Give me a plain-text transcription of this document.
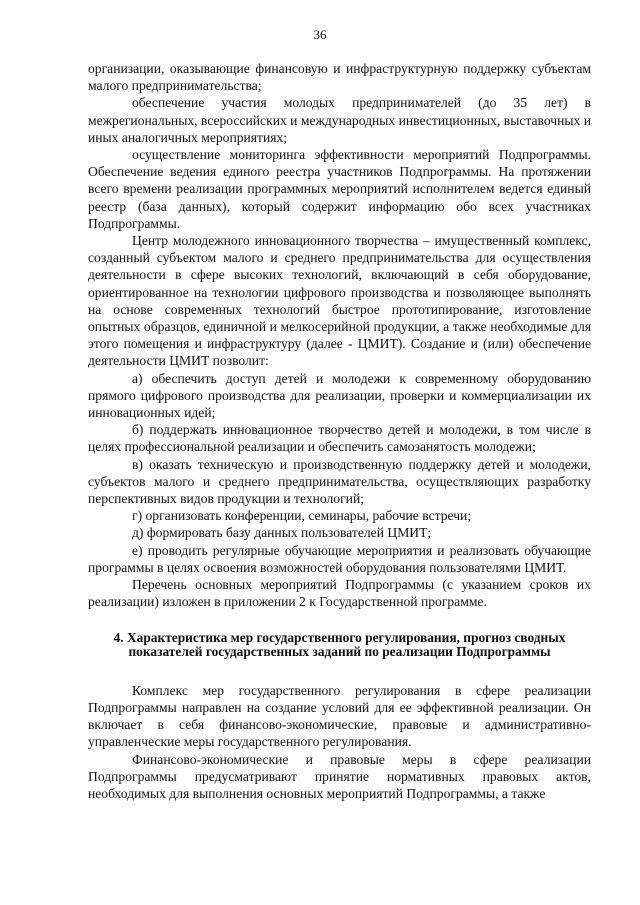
36

организации, оказывающие финансовую и инфраструктурную поддержку субъектам малого предпринимательства;

обеспечение участия молодых предпринимателей (до 35 лет) в межрегиональных, всероссийских и международных инвестиционных, выставочных и иных аналогичных мероприятиях;

осуществление мониторинга эффективности мероприятий Подпрограммы. Обеспечение ведения единого реестра участников Подпрограммы. На протяжении всего времени реализации программных мероприятий исполнителем ведется единый реестр (база данных), который содержит информацию обо всех участниках Подпрограммы.

Центр молодежного инновационного творчества – имущественный комплекс, созданный субъектом малого и среднего предпринимательства для осуществления деятельности в сфере высоких технологий, включающий в себя оборудование, ориентированное на технологии цифрового производства и позволяющее выполнять на основе современных технологий быстрое прототипирование, изготовление опытных образцов, единичной и мелкосерийной продукции, а также необходимые для этого помещения и инфраструктуру (далее - ЦМИТ). Создание и (или) обеспечение деятельности ЦМИТ позволит:

а) обеспечить доступ детей и молодежи к современному оборудованию прямого цифрового производства для реализации, проверки и коммерциализации их инновационных идей;

б) поддержать инновационное творчество детей и молодежи, в том числе в целях профессиональной реализации и обеспечить самозанятость молодежи;

в) оказать техническую и производственную поддержку детей и молодежи, субъектов малого и среднего предпринимательства, осуществляющих разработку перспективных видов продукции и технологий;

г) организовать конференции, семинары, рабочие встречи;

д) формировать базу данных пользователей ЦМИТ;

е) проводить регулярные обучающие мероприятия и реализовать обучающие программы в целях освоения возможностей оборудования пользователями ЦМИТ.

Перечень основных мероприятий Подпрограммы (с указанием сроков их реализации) изложен в приложении 2 к Государственной программе.

4. Характеристика мер государственного регулирования, прогноз сводных показателей государственных заданий по реализации Подпрограммы

Комплекс мер государственного регулирования в сфере реализации Подпрограммы направлен на создание условий для ее эффективной реализации. Он включает в себя финансово-экономические, правовые и административно-управленческие меры государственного регулирования.

Финансово-экономические и правовые меры в сфере реализации Подпрограммы предусматривают принятие нормативных правовых актов, необходимых для выполнения основных мероприятий Подпрограммы, а также
